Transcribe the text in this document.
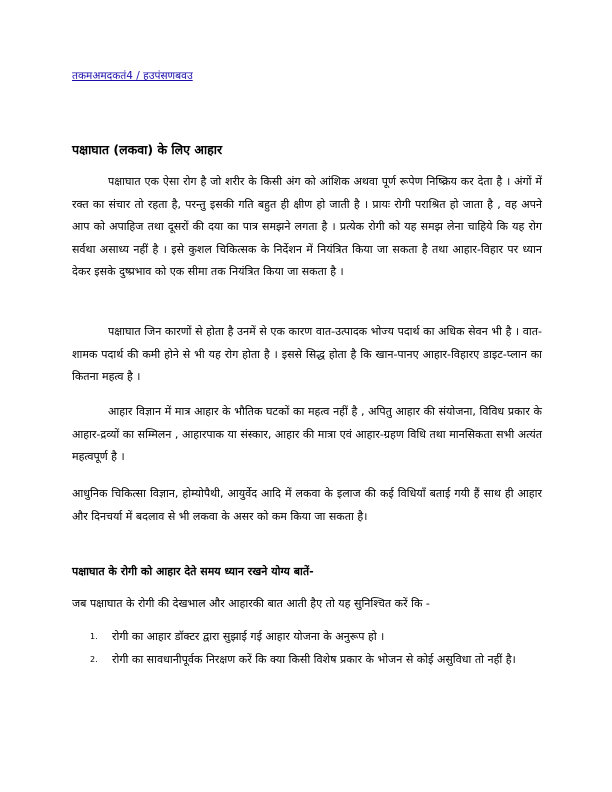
तकमअमदकतं4 / हउपंसणबवउ
पक्षाघात (लकवा) के लिए आहार

पक्षाघात एक ऐसा रोग है जो शरीर के किसी अंग को आंशिक अथवा पूर्ण रूपेण निष्क्रिय कर देता है । अंगों में रक्त का संचार तो रहता है, परन्तु इसकी गति बहुत ही क्षीण हो जाती है । प्रायः रोगी पराश्रित हो जाता है , वह अपने आप को अपाहिज तथा दूसरों की दया का पात्र समझने लगता है । प्रत्येक रोगी को यह समझ लेना चाहिये कि यह रोग सर्वथा असाध्य नहीं है । इसे कुशल चिकित्सक के निर्देशन में नियंत्रित किया जा सकता है तथा आहार-विहार पर ध्यान देकर इसके दुष्प्रभाव को एक सीमा तक नियंत्रित किया जा सकता है ।

पक्षाघात जिन कारणों से होता है उनमें से एक कारण वात-उत्पादक भोज्य पदार्थ का अधिक सेवन भी है । वात-शामक पदार्थ की कमी होने से भी यह रोग होता है । इससे सिद्ध होता है कि खान-पानए आहार-विहारए डाइट-प्लान का कितना महत्व है ।

आहार विज्ञान में मात्र आहार के भौतिक घटकों का महत्व नहीं है , अपितु आहार की संयोजना, विविध प्रकार के आहार-द्रव्यों का सम्मिलन , आहारपाक या संस्कार, आहार की मात्रा एवं आहार-ग्रहण विधि तथा मानसिकता सभी अत्यंत महत्वपूर्ण है ।

आधुनिक चिकित्सा विज्ञान, होम्योपैथी, आयुर्वेद आदि में लकवा के इलाज की कई विधियाँ बताई गयी हैं साथ ही आहार और दिनचर्या में बदलाव से भी लकवा के असर को कम किया जा सकता है।

पक्षाघात के रोगी को आहार देते समय ध्यान रखने योग्य बातें-
जब पक्षाघात के रोगी की देखभाल और आहारकी बात आती हैए तो यह सुनिश्चित करें कि -
1. रोगी का आहार डॉक्टर द्वारा सुझाई गई आहार योजना के अनुरूप हो ।
2. रोगी का सावधानीपूर्वक निरक्षण करें कि क्या किसी विशेष प्रकार के भोजन से कोई असुविधा तो नहीं है।
